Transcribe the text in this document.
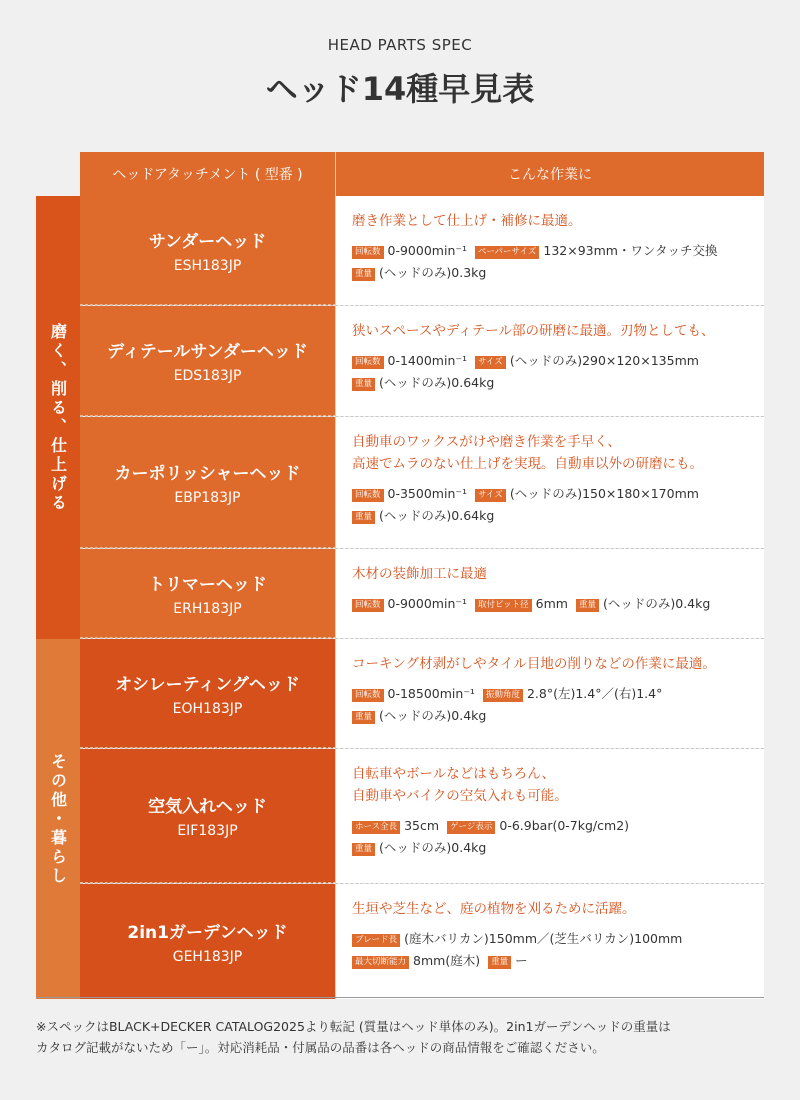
HEAD PARTS SPEC
ヘッド14種早見表
ヘッドアタッチメント ( 型番 )	こんな作業に
磨く、削る、仕上げる
その他・暮らし
サンダーヘッド
ESH183JP
磨き作業として仕上げ・補修に最適。
回転数 0-9000min⁻¹ ペーパーサイズ 132×93mm・ワンタッチ交換
重量 (ヘッドのみ)0.3kg
ディテールサンダーヘッド
EDS183JP
狭いスペースやディテール部の研磨に最適。刃物としても、
回転数 0-1400min⁻¹ サイズ (ヘッドのみ)290×120×135mm
重量 (ヘッドのみ)0.64kg
カーポリッシャーヘッド
EBP183JP
自動車のワックスがけや磨き作業を手早く、
高速でムラのない仕上げを実現。自動車以外の研磨にも。
回転数 0-3500min⁻¹ サイズ (ヘッドのみ)150×180×170mm
重量 (ヘッドのみ)0.64kg
トリマーヘッド
ERH183JP
木材の装飾加工に最適
回転数 0-9000min⁻¹ 取付ビット径 6mm 重量 (ヘッドのみ)0.4kg
オシレーティングヘッド
EOH183JP
コーキング材剥がしやタイル目地の削りなどの作業に最適。
回転数 0-18500min⁻¹ 振動角度 2.8°(左)1.4°／(右)1.4°
重量 (ヘッドのみ)0.4kg
空気入れヘッド
EIF183JP
自転車やボールなどはもちろん、
自動車やバイクの空気入れも可能。
ホース全長 35cm ゲージ表示 0-6.9bar(0-7kg/cm2)
重量 (ヘッドのみ)0.4kg
2in1ガーデンヘッド
GEH183JP
生垣や芝生など、庭の植物を刈るために活躍。
ブレード長 (庭木バリカン)150mm／(芝生バリカン)100mm
最大切断能力 8mm(庭木) 重量 ー
※スペックはBLACK+DECKER CATALOG2025より転記 (質量はヘッド単体のみ)。2in1ガーデンヘッドの重量は
カタログ記載がないため「ー」。対応消耗品・付属品の品番は各ヘッドの商品情報をご確認ください。
